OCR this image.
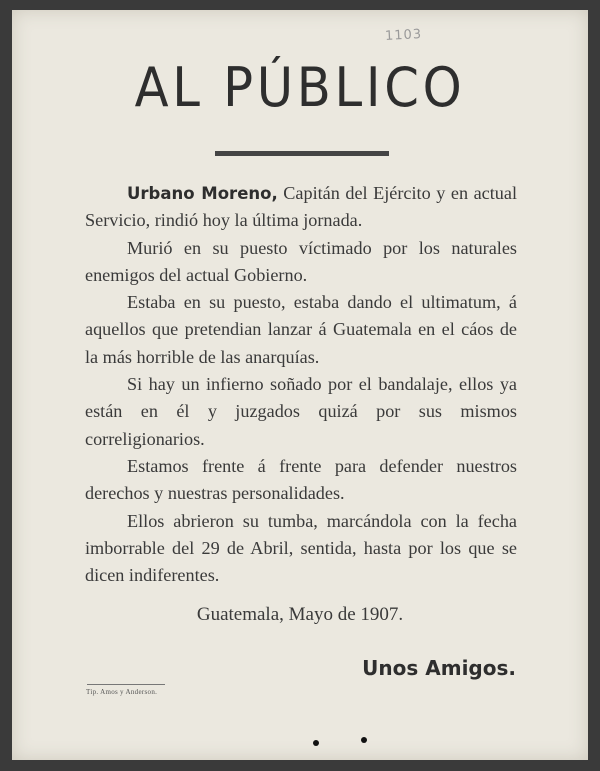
1103
AL PÚBLICO

Urbano Moreno, Capitán del Ejército y en actual Servicio, rindió hoy la última jornada.

Murió en su puesto víctimado por los naturales enemigos del actual Gobierno.

Estaba en su puesto, estaba dando el ultimatum, á aquellos que pretendian lanzar á Guatemala en el cáos de la más horrible de las anarquías.

Si hay un infierno soñado por el bandalaje, ellos ya están en él y juzgados quizá por sus mismos correligionarios.

Estamos frente á frente para defender nuestros derechos y nuestras personalidades.

Ellos abrieron su tumba, marcándola con la fecha imborrable del 29 de Abril, sentida, hasta por los que se dicen indiferentes.

Guatemala, Mayo de 1907.
Unos Amigos.
Tip. Amos y Anderson.
